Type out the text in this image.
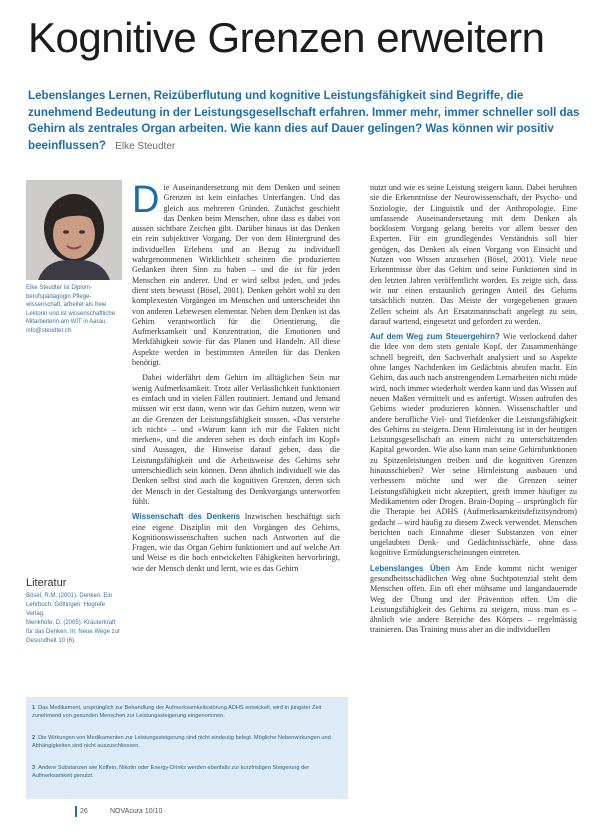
Kognitive Grenzen erweitern
Lebenslanges Lernen, Reizüberflutung und kognitive Leistungsfähigkeit sind Begriffe, die zunehmend Bedeutung in der Leistungsgesellschaft erfahren. Immer mehr, immer schneller soll das Gehirn als zentrales Organ arbeiten. Wie kann dies auf Dauer gelingen? Was können wir positiv beeinflussen? Elke Steudter
Elke Steudter ist Diplom-berufspädagogin Pflege-wissenschaft, arbeitet als freie Lektorin und ist wissenschaftliche Mitarbeiterin am WIT in Aarau. info@steudter.ch
Literatur

Bösel, R.M. (2001). Denken. Ein Lehrbuch. Göttingen: Hogrefe Verlag.

Menkhofe, D. (2005). Kräuterkraft für das Denken. In: Neue Wege zur Gesundheit 10 (6).

Die Auseinandersetzung mit dem Denken und seinen Grenzen ist kein einfaches Unterfangen. Und das gleich aus mehreren Gründen. Zunächst geschieht das Denken beim Menschen, ohne dass es dabei von aussen sichtbare Zeichen gibt. Darüber hinaus ist das Denken ein rein subjektiver Vorgang. Der von dem Hintergrund des individuellen Erlebens und an Bezug zu individuell wahrgenommenen Wirklichkeit scheinen die produzierten Gedanken ihren Sinn zu haben – und die ist für jeden Menschen ein anderer. Und er wird selbst jeden, und jedes dient stets bewusst (Bösel, 2001). Denken gehört wohl zu den komplexesten Vorgängen im Menschen und unterscheidet ihn von anderen Lebewesen elementar. Neben dem Denken ist das Gehirn verantwortlich für die Orientierung, die Aufmerksamkeit und Konzentration, die Emotionen und Merkfähigkeit sowie für das Planen und Handeln. All diese Aspekte werden in bestimmten Anteilen für das Denken benötigt.

Dabei widerfährt dem Gehirn im alltäglichen Sein nur wenig Aufmerksamkeit. Trotz aller Verlässlichkeit funktioniert es einfach und in vielen Fällen routiniert. Jemand und Jemand müssen wir erst dann, wenn wir das Gehirn nutzen, wenn wir an die Grenzen der Leistungsfähigkeit stossen. «Das verstehe ich nicht» – und «Warum kann ich mir die Fakten nicht merken», und die anderen sehen es doch einfach im Kopf» sind Aussagen, die Hinweise darauf geben, dass die Leistungsfähigkeit und die Arbeitsweise des Gehirns sehr unterschiedlich sein können. Denn ähnlich individuell wie das Denken selbst sind auch die kognitiven Grenzen, deren sich der Mensch in der Gestaltung des Denkvorgangs unterworfen fühlt.

Wissenschaft des Denkens Inzwischen beschäftigt sich eine eigene Disziplin mit den Vorgängen des Gehirns, Kognitionswissenschaften suchen nach Antworten auf die Fragen, wie das Organ Gehirn funktioniert und auf welche Art und Weise es die hoch entwickelten Fähigkeiten hervorbringt, wie der Mensch denkt und lernt, wie es das Gehirn

nutzt und wie es seine Leistung steigern kann. Dabei beruhten sie die Erkenntnisse der Neurowissenschaft, der Psycho- und Soziologie, der Linguistik und der Anthropologie. Eine umfassende Auseinandersetzung mit dem Denken als bocklosem Vorgang gelang bereits vor allem besser den Experten. Für ein grundlegendes Verständnis soll hier genügen, das Denken als einen Vorgang von Einsicht und Nutzen von Wissen anzusehen (Bösel, 2001). Viele neue Erkenntnisse über das Gehirn und seine Funktionen sind in den letzten Jahren veröffentlicht worden. Es zeigte sich, dass wir nur einen erstaunlich geringen Anteil des Gehirns tatsächlich nutzen. Das Meiste der vorgegebenen grauen Zellen scheint als Art Ersatzmannschaft angelegt zu sein, darauf wartend, eingesetzt und gefordert zu werden.

Auf dem Weg zum Steuergehirn? Wie verlockend daher die Idee von dem stets geniale Kopf, der Zusammenhänge schnell begreift, den Sachverhalt analysiert und so Aspekte ohne langes Nachdenken im Gedächtnis abrufen macht. Ein Gehirn, das auch nach anstrengendem Lernarbeiten nicht müde wird, noch immer wiederholt werden kann und das Wissen auf neuen Maßen vermittelt und es anfertigt. Wissen aufrufen des Gehirns wieder produzieren können. Wissenschaftler und andere berufliche Viel- und Tiefdenker die Leistungsfähigkeit des Gehirns zu steigern. Denn Hirnleistung ist in der heutigen Leistungsgesellschaft an einem nicht zu unterschätzenden Kapital geworden. Wie also kann man seine Gehirnfunktionen zu Spitzenleistungen treiben und die kognitiven Grenzen hinausschieben? Wer seine Hirnleistung ausbauen und verbessern möchte und wer die Grenzen seiner Leistungsfähigkeit nicht akzeptiert, greift immer häufiger zu Medikamenten oder Drogen. Brain-Doping – ursprünglich für die Therapie bei ADHS (Aufmerksamkeitsdefizitsyndrom) gedacht – wird häufig zu diesem Zweck verwendet. Menschen berichten nach Einnahme dieser Substanzen von einer ungelaubten Denk- und Gedächtnisschärfe, ohne dass kognitive Ermüdungserscheinungen eintreten.

Lebenslanges Üben Am Ende kommt nicht weniger gesundheitsschädlichen Weg ohne Suchtpotenzial steht dem Menschen offen. Ein oft eher mühsame und langandauernde Weg der Übung und der Prävention offen. Um die Leistungsfähigkeit des Gehirns zu steigern, muss man es – ähnlich wie andere Bereiche des Körpers – regelmässig trainieren. Das Training muss aber an die individuellen

1 Das Medikament, ursprünglich zur Behandlung der Aufmerksamkeitsstörung ADHS entwickelt, wird in jüngster Zeit zunehmend von gesunden Menschen zur Leistungssteigerung eingenommen.
2 Die Wirkungen von Medikamenten zur Leistungssteigerung sind nicht eindeutig belegt. Mögliche Nebenwirkungen und Abhängigkeiten sind nicht auszuschliessen.
3 Andere Substanzen wie Koffein, Nikotin oder Energy-Drinks werden ebenfalls zur kurzfristigen Steigerung der Aufmerksamkeit genutzt.
26	NOVAcura 10/10
